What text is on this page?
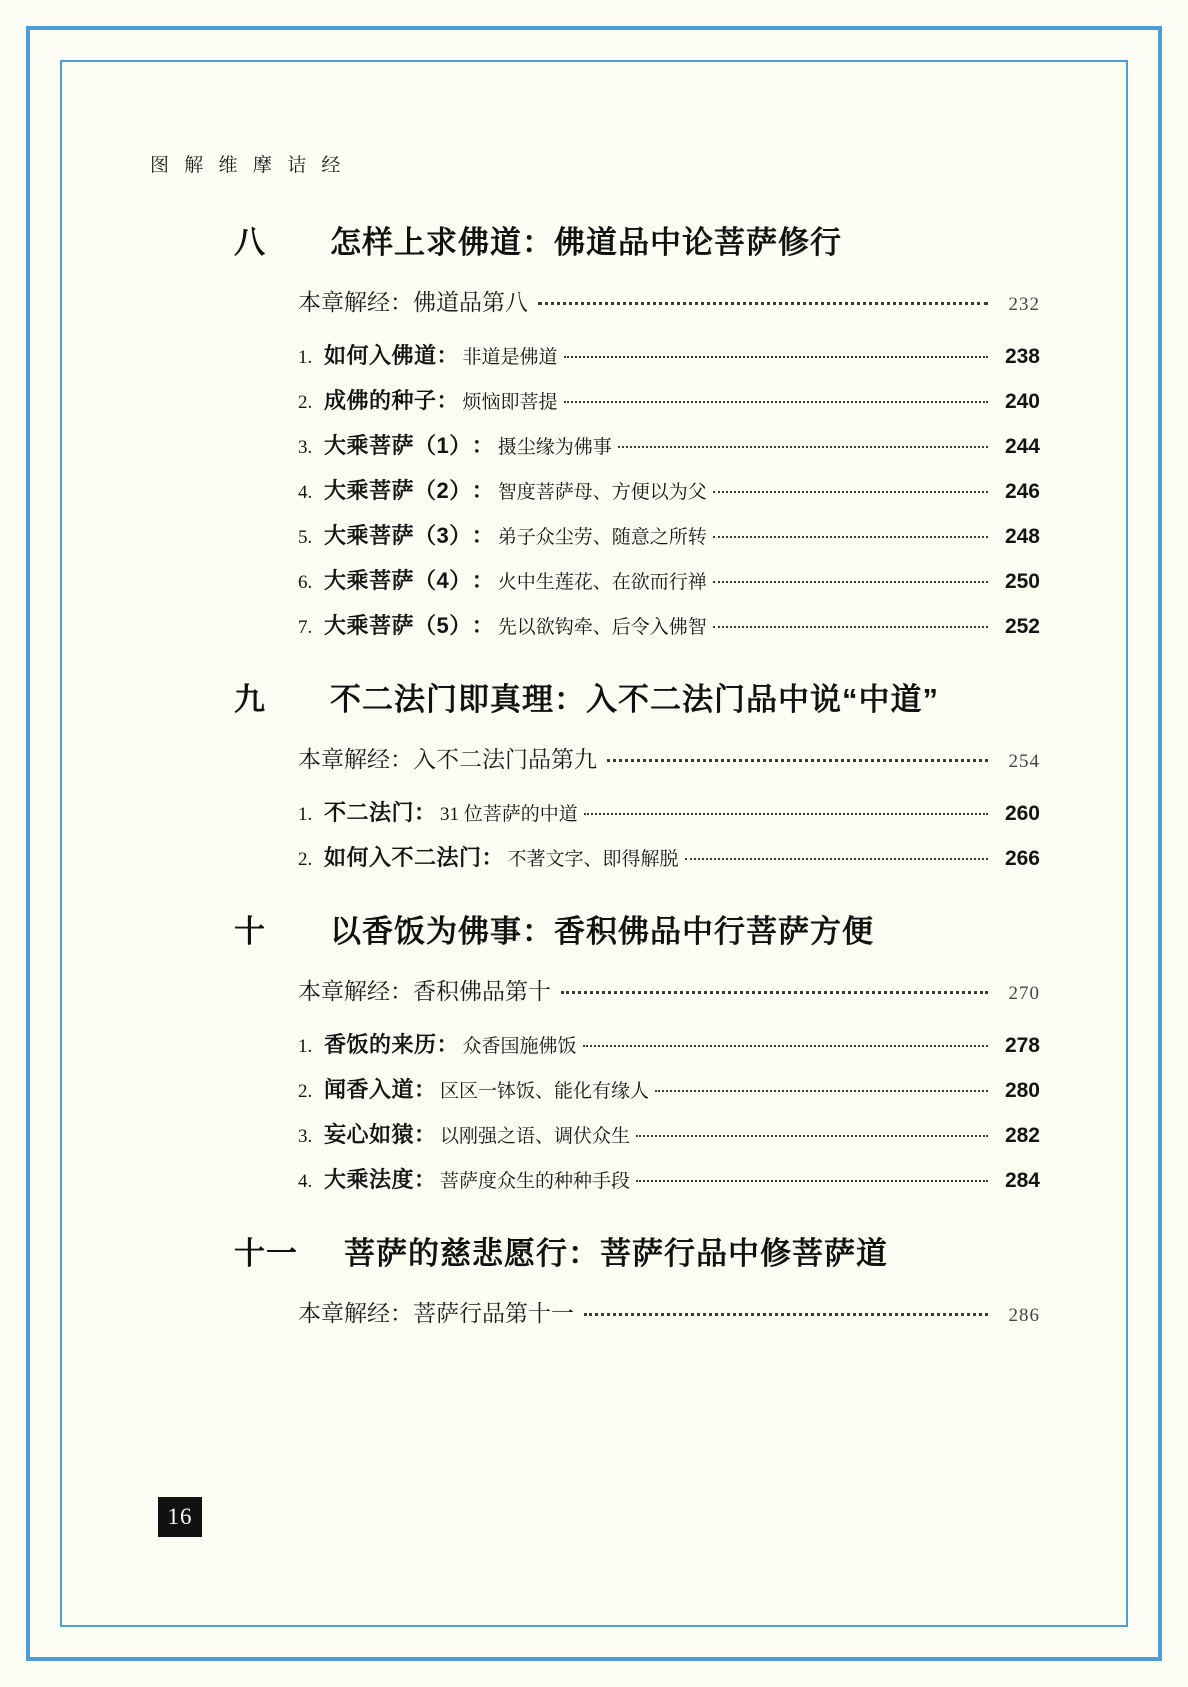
图 解 维 摩 诘 经
八	怎样上求佛道：佛道品中论菩萨修行
本章解经：佛道品第八	232
1. 如何入佛道 ： 非道是佛道	238
2. 成佛的种子 ： 烦恼即菩提	240
3. 大乘菩萨（1） ： 摄尘缘为佛事	244
4. 大乘菩萨（2） ： 智度菩萨母、方便以为父	246
5. 大乘菩萨（3） ： 弟子众尘劳、随意之所转	248
6. 大乘菩萨（4） ： 火中生莲花、在欲而行禅	250
7. 大乘菩萨（5） ： 先以欲钩牵、后令入佛智	252
九	不二法门即真理：入不二法门品中说“中道”
本章解经：入不二法门品第九	254
1. 不二法门 ： 31 位菩萨的中道	260
2. 如何入不二法门 ： 不著文字、即得解脱	266
十	以香饭为佛事：香积佛品中行菩萨方便
本章解经：香积佛品第十	270
1. 香饭的来历 ： 众香国施佛饭	278
2. 闻香入道 ： 区区一钵饭、能化有缘人	280
3. 妄心如猿 ： 以刚强之语、调伏众生	282
4. 大乘法度 ： 菩萨度众生的种种手段	284
十一	菩萨的慈悲愿行：菩萨行品中修菩萨道
本章解经：菩萨行品第十一	286
16
